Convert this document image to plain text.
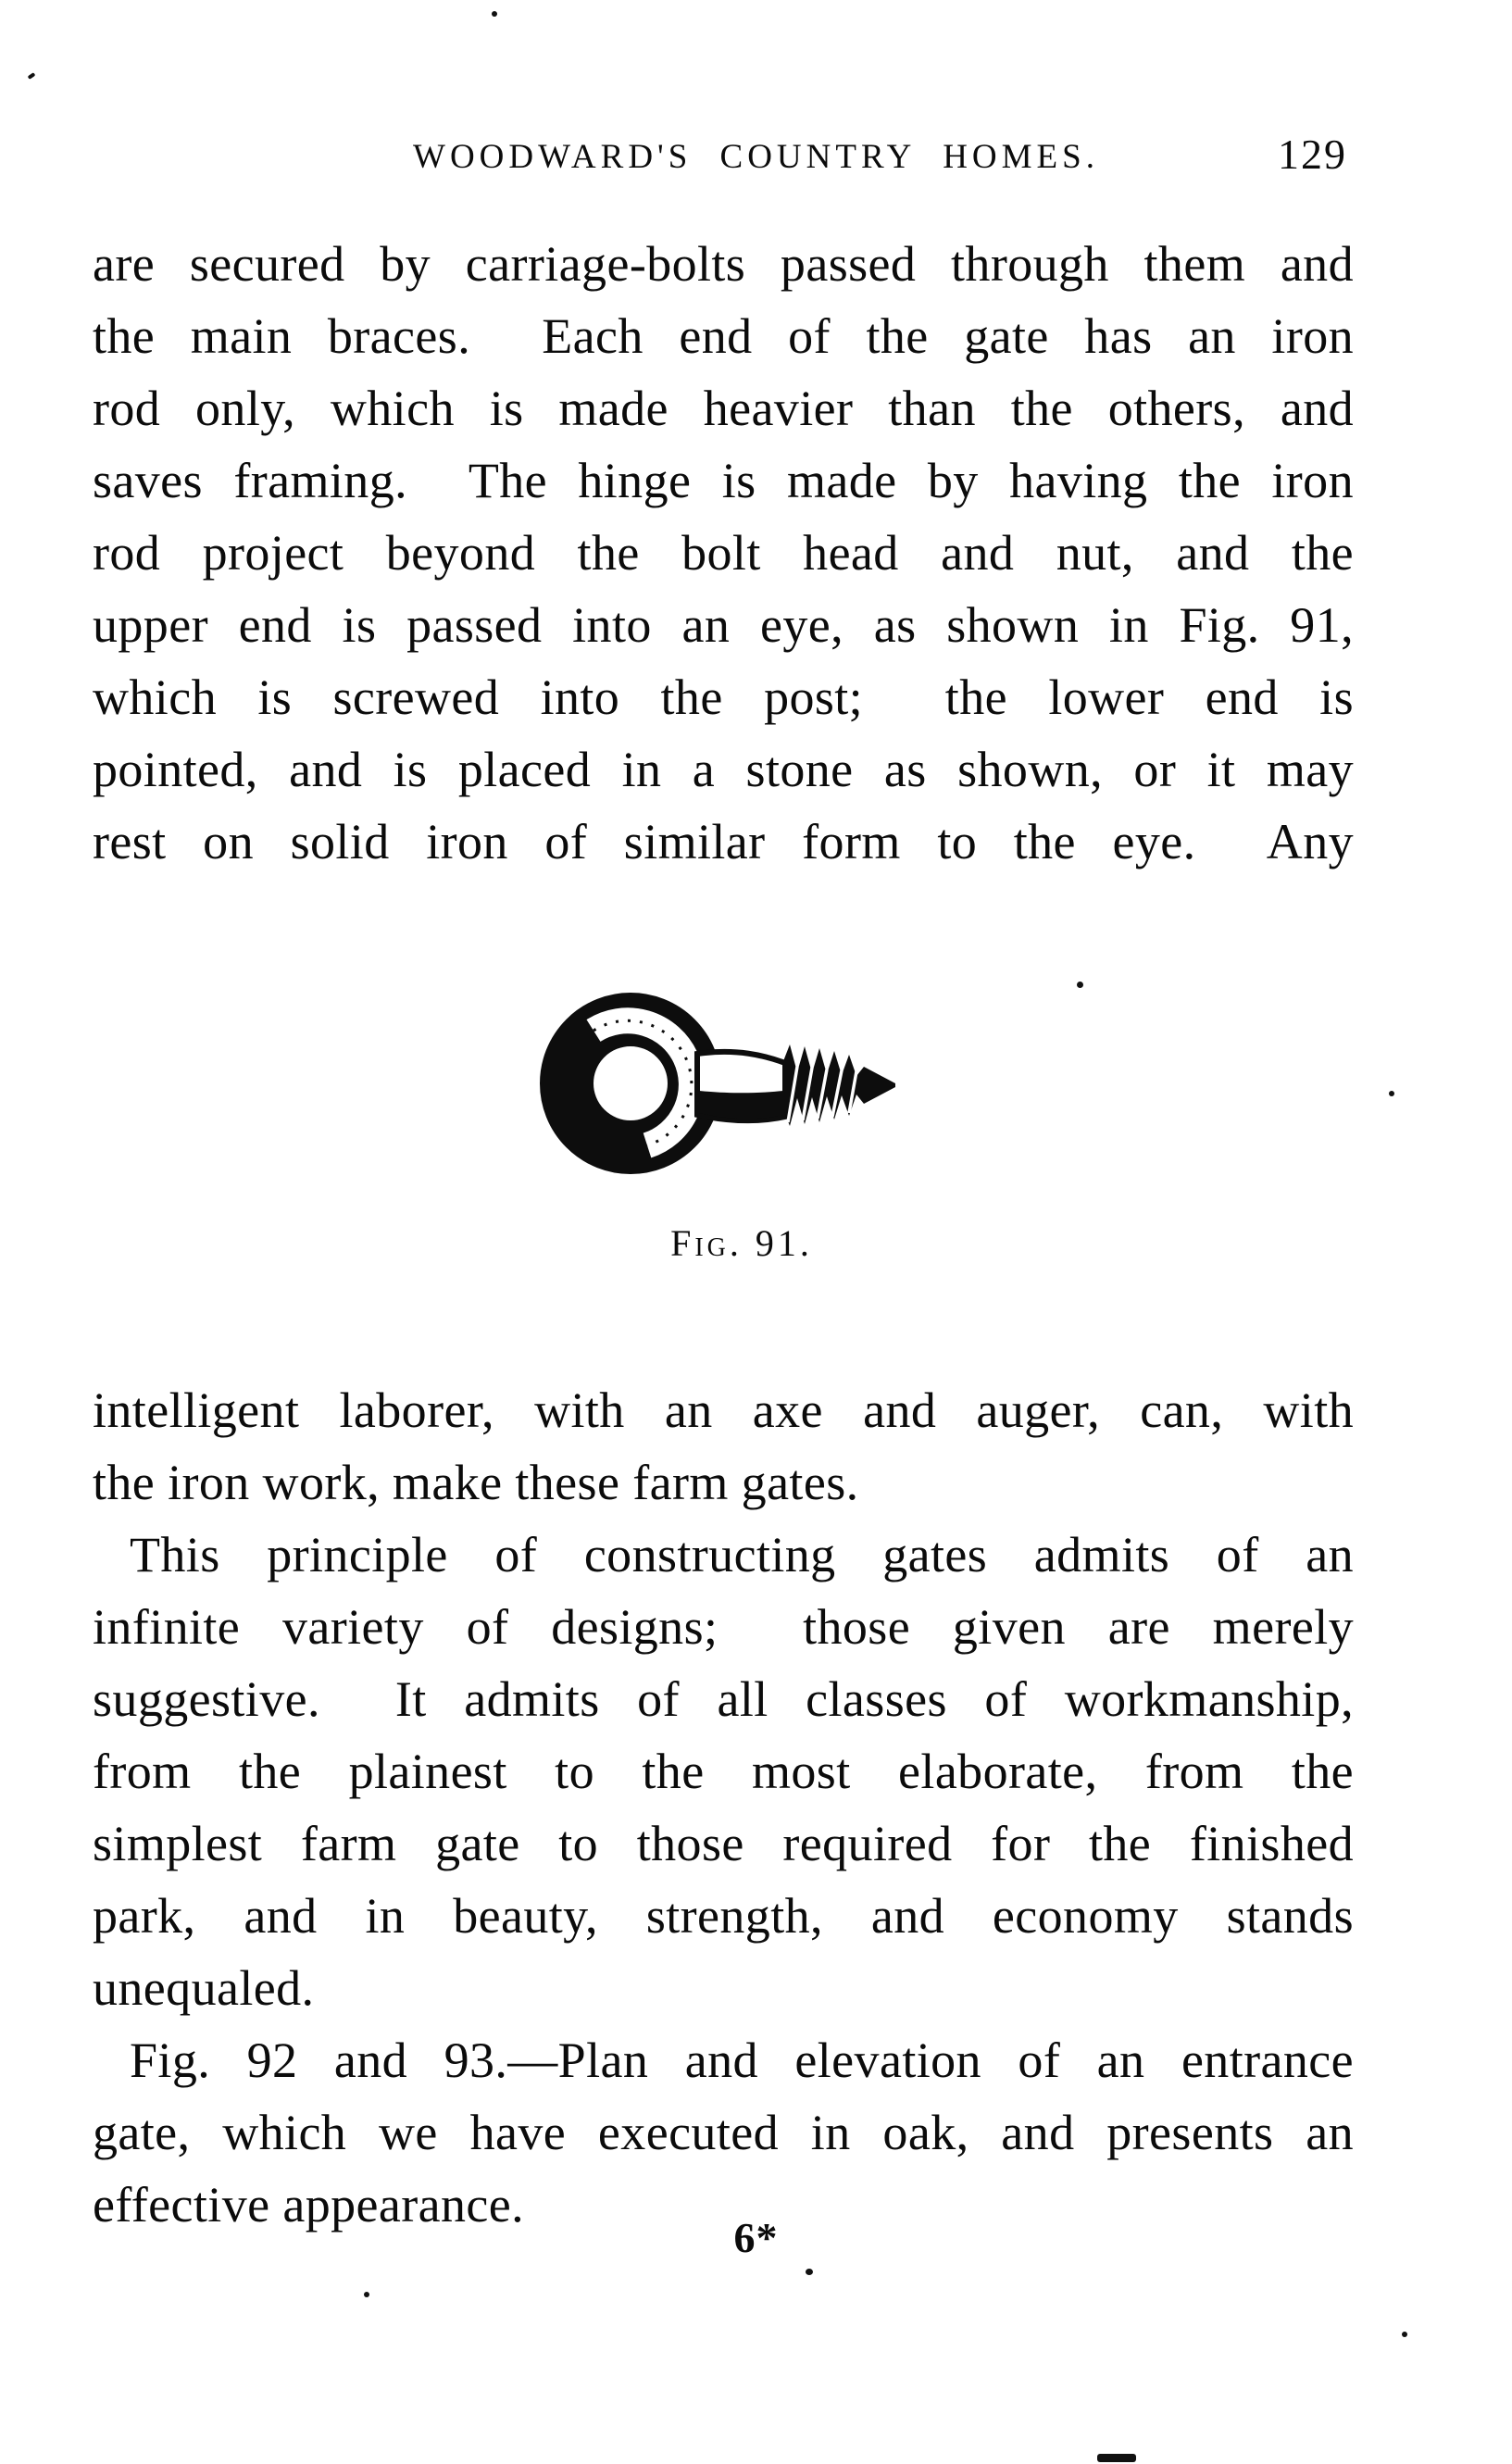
WOODWARD'S COUNTRY HOMES.	129
are secured by carriage-bolts passed through them and
the main braces.  Each end of the gate has an iron
rod only, which is made heavier than the others, and
saves framing.  The hinge is made by having the iron
rod project beyond the bolt head and nut, and the
upper end is passed into an eye, as shown in Fig. 91,
which is screwed into the post;  the lower end is
pointed, and is placed in a stone as shown, or it may
rest on solid iron of similar form to the eye.  Any
Fig. 91.
intelligent laborer, with an axe and auger, can, with
the iron work, make these farm gates.
This principle of constructing gates admits of an
infinite variety of designs;  those given are merely
suggestive.  It admits of all classes of workmanship,
from the plainest to the most elaborate, from the
simplest farm gate to those required for the finished
park, and in beauty, strength, and economy stands
unequaled.
Fig. 92 and 93.—Plan and elevation of an entrance
gate, which we have executed in oak, and presents an
effective appearance.
6*
